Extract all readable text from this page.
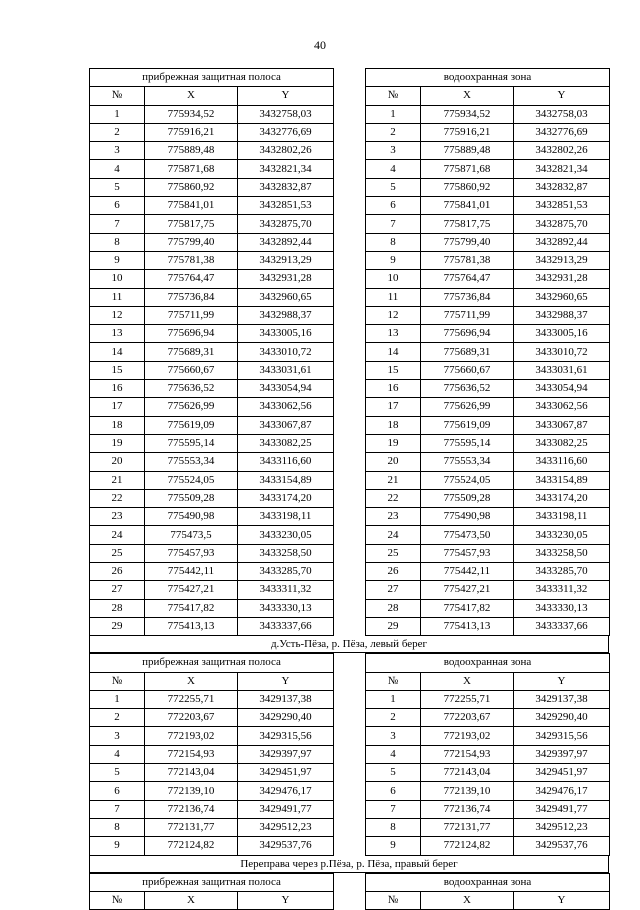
40
прибрежная защитная полоса		
№	X	Y
1	775934,52	3432758,03
2	775916,21	3432776,69
3	775889,48	3432802,26
4	775871,68	3432821,34
5	775860,92	3432832,87
6	775841,01	3432851,53
7	775817,75	3432875,70
8	775799,40	3432892,44
9	775781,38	3432913,29
10	775764,47	3432931,28
11	775736,84	3432960,65
12	775711,99	3432988,37
13	775696,94	3433005,16
14	775689,31	3433010,72
15	775660,67	3433031,61
16	775636,52	3433054,94
17	775626,99	3433062,56
18	775619,09	3433067,87
19	775595,14	3433082,25
20	775553,34	3433116,60
21	775524,05	3433154,89
22	775509,28	3433174,20
23	775490,98	3433198,11
24	775473,5	3433230,05
25	775457,93	3433258,50
26	775442,11	3433285,70
27	775427,21	3433311,32
28	775417,82	3433330,13
29	775413,13	3433337,66
водоохранная зона		
№	X	Y
1	775934,52	3432758,03
2	775916,21	3432776,69
3	775889,48	3432802,26
4	775871,68	3432821,34
5	775860,92	3432832,87
6	775841,01	3432851,53
7	775817,75	3432875,70
8	775799,40	3432892,44
9	775781,38	3432913,29
10	775764,47	3432931,28
11	775736,84	3432960,65
12	775711,99	3432988,37
13	775696,94	3433005,16
14	775689,31	3433010,72
15	775660,67	3433031,61
16	775636,52	3433054,94
17	775626,99	3433062,56
18	775619,09	3433067,87
19	775595,14	3433082,25
20	775553,34	3433116,60
21	775524,05	3433154,89
22	775509,28	3433174,20
23	775490,98	3433198,11
24	775473,50	3433230,05
25	775457,93	3433258,50
26	775442,11	3433285,70
27	775427,21	3433311,32
28	775417,82	3433330,13
29	775413,13	3433337,66
д.Усть-Пёза, р. Пёза, левый берег
прибрежная защитная полоса		
№	X	Y
1	772255,71	3429137,38
2	772203,67	3429290,40
3	772193,02	3429315,56
4	772154,93	3429397,97
5	772143,04	3429451,97
6	772139,10	3429476,17
7	772136,74	3429491,77
8	772131,77	3429512,23
9	772124,82	3429537,76
водоохранная зона		
№	X	Y
1	772255,71	3429137,38
2	772203,67	3429290,40
3	772193,02	3429315,56
4	772154,93	3429397,97
5	772143,04	3429451,97
6	772139,10	3429476,17
7	772136,74	3429491,77
8	772131,77	3429512,23
9	772124,82	3429537,76
Переправа через р.Пёза, р. Пёза, правый берег
прибрежная защитная полоса
№	X	Y
водоохранная зона
№	X	Y
